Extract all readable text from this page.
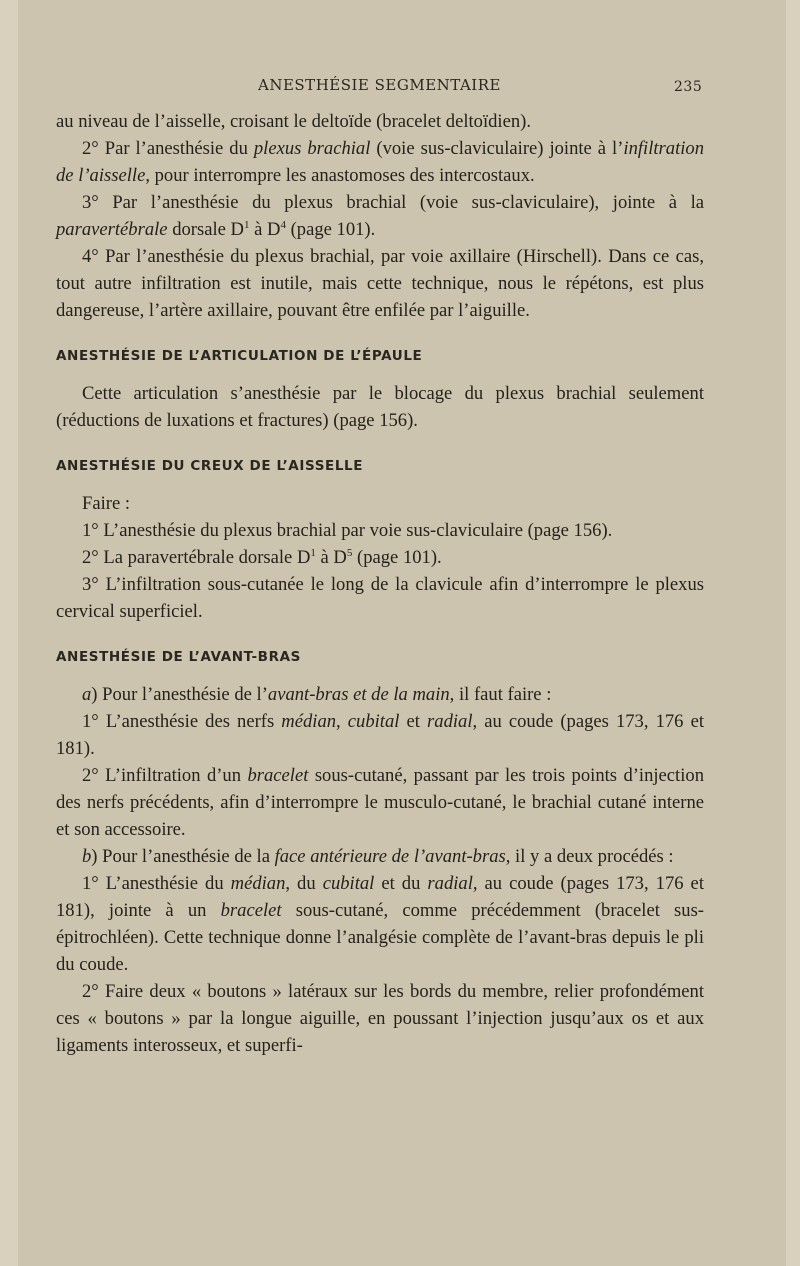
ANESTHÉSIE SEGMENTAIRE	235

au niveau de l’aisselle, croisant le deltoïde (bracelet deltoïdien).

2° Par l’anesthésie du plexus brachial (voie sus-claviculaire) jointe à l’infiltration de l’aisselle, pour interrompre les anastomoses des intercostaux.

3° Par l’anesthésie du plexus brachial (voie sus-claviculaire), jointe à la paravertébrale dorsale $D^1$ à $D^4$ (page 101).

4° Par l’anesthésie du plexus brachial, par voie axillaire (Hirschell). Dans ce cas, tout autre infiltration est inutile, mais cette technique, nous le répétons, est plus dangereuse, l’artère axillaire, pouvant être enfilée par l’aiguille.

ANESTHÉSIE DE L’ARTICULATION DE L’ÉPAULE

Cette articulation s’anesthésie par le blocage du plexus brachial seulement (réductions de luxations et fractures) (page 156).

ANESTHÉSIE DU CREUX DE L’AISSELLE

Faire :

1° L’anesthésie du plexus brachial par voie sus-claviculaire (page 156).

2° La paravertébrale dorsale $D^1$ à $D^5$ (page 101).

3° L’infiltration sous-cutanée le long de la clavicule afin d’interrompre le plexus cervical superficiel.

ANESTHÉSIE DE L’AVANT-BRAS

a) Pour l’anesthésie de l’avant-bras et de la main, il faut faire :

1° L’anesthésie des nerfs médian, cubital et radial, au coude (pages 173, 176 et 181).

2° L’infiltration d’un bracelet sous-cutané, passant par les trois points d’injection des nerfs précédents, afin d’interrompre le musculo-cutané, le brachial cutané interne et son accessoire.

b) Pour l’anesthésie de la face antérieure de l’avant-bras, il y a deux procédés :

1° L’anesthésie du médian, du cubital et du radial, au coude (pages 173, 176 et 181), jointe à un bracelet sous-cutané, comme précédemment (bracelet sus-épitrochléen). Cette technique donne l’analgésie complète de l’avant-bras depuis le pli du coude.

2° Faire deux « boutons » latéraux sur les bords du membre, relier profondément ces « boutons » par la longue aiguille, en poussant l’injection jusqu’aux os et aux ligaments interosseux, et superfi-
